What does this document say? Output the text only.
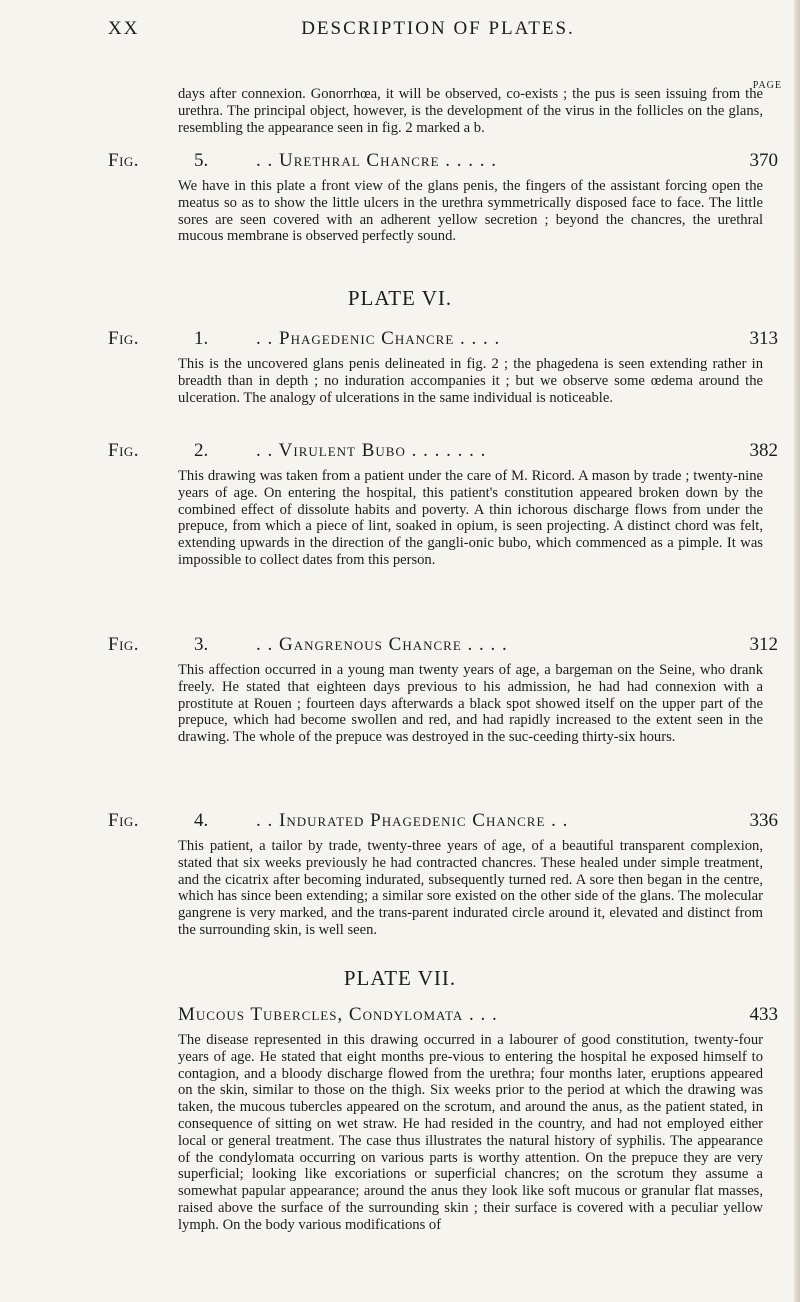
XX	DESCRIPTION OF PLATES.
PAGE
days after connexion. Gonorrhœa, it will be observed, co-exists ; the pus is seen issuing from the urethra. The principal object, however, is the development of the virus in the follicles on the glans, resembling the appearance seen in fig. 2 marked a b.
Fig.	5.	. . Urethral Chancre . . . . .	370
We have in this plate a front view of the glans penis, the fingers of the assistant forcing open the meatus so as to show the little ulcers in the urethra symmetrically disposed face to face. The little sores are seen covered with an adherent yellow secretion ; beyond the chancres, the urethral mucous membrane is observed perfectly sound.
PLATE VI.
Fig.	1.	. . Phagedenic Chancre . . . .	313
This is the uncovered glans penis delineated in fig. 2 ; the phagedena is seen extending rather in breadth than in depth ; no induration accompanies it ; but we observe some œdema around the ulceration. The analogy of ulcerations in the same individual is noticeable.
Fig.	2.	. . Virulent Bubo . . . . . . .	382
This drawing was taken from a patient under the care of M. Ricord. A mason by trade ; twenty-nine years of age. On entering the hospital, this patient's constitution appeared broken down by the combined effect of dissolute habits and poverty. A thin ichorous discharge flows from under the prepuce, from which a piece of lint, soaked in opium, is seen projecting. A distinct chord was felt, extending upwards in the direction of the gangli-onic bubo, which commenced as a pimple. It was impossible to collect dates from this person.
Fig.	3.	. . Gangrenous Chancre . . . .	312
This affection occurred in a young man twenty years of age, a bargeman on the Seine, who drank freely. He stated that eighteen days previous to his admission, he had had connexion with a prostitute at Rouen ; fourteen days afterwards a black spot showed itself on the upper part of the prepuce, which had become swollen and red, and had rapidly increased to the extent seen in the drawing. The whole of the prepuce was destroyed in the suc-ceeding thirty-six hours.
Fig.	4.	. . Indurated Phagedenic Chancre . .	336
This patient, a tailor by trade, twenty-three years of age, of a beautiful transparent complexion, stated that six weeks previously he had contracted chancres. These healed under simple treatment, and the cicatrix after becoming indurated, subsequently turned red. A sore then began in the centre, which has since been extending; a similar sore existed on the other side of the glans. The molecular gangrene is very marked, and the trans-parent indurated circle around it, elevated and distinct from the surrounding skin, is well seen.
PLATE VII.
Mucous Tubercles, Condylomata . . .	433
The disease represented in this drawing occurred in a labourer of good constitution, twenty-four years of age. He stated that eight months pre-vious to entering the hospital he exposed himself to contagion, and a bloody discharge flowed from the urethra; four months later, eruptions appeared on the skin, similar to those on the thigh. Six weeks prior to the period at which the drawing was taken, the mucous tubercles appeared on the scrotum, and around the anus, as the patient stated, in consequence of sitting on wet straw. He had resided in the country, and had not employed either local or general treatment. The case thus illustrates the natural history of syphilis. The appearance of the condylomata occurring on various parts is worthy attention. On the prepuce they are very superficial; looking like excoriations or superficial chancres; on the scrotum they assume a somewhat papular appearance; around the anus they look like soft mucous or granular flat masses, raised above the surface of the surrounding skin ; their surface is covered with a peculiar yellow lymph. On the body various modifications of
